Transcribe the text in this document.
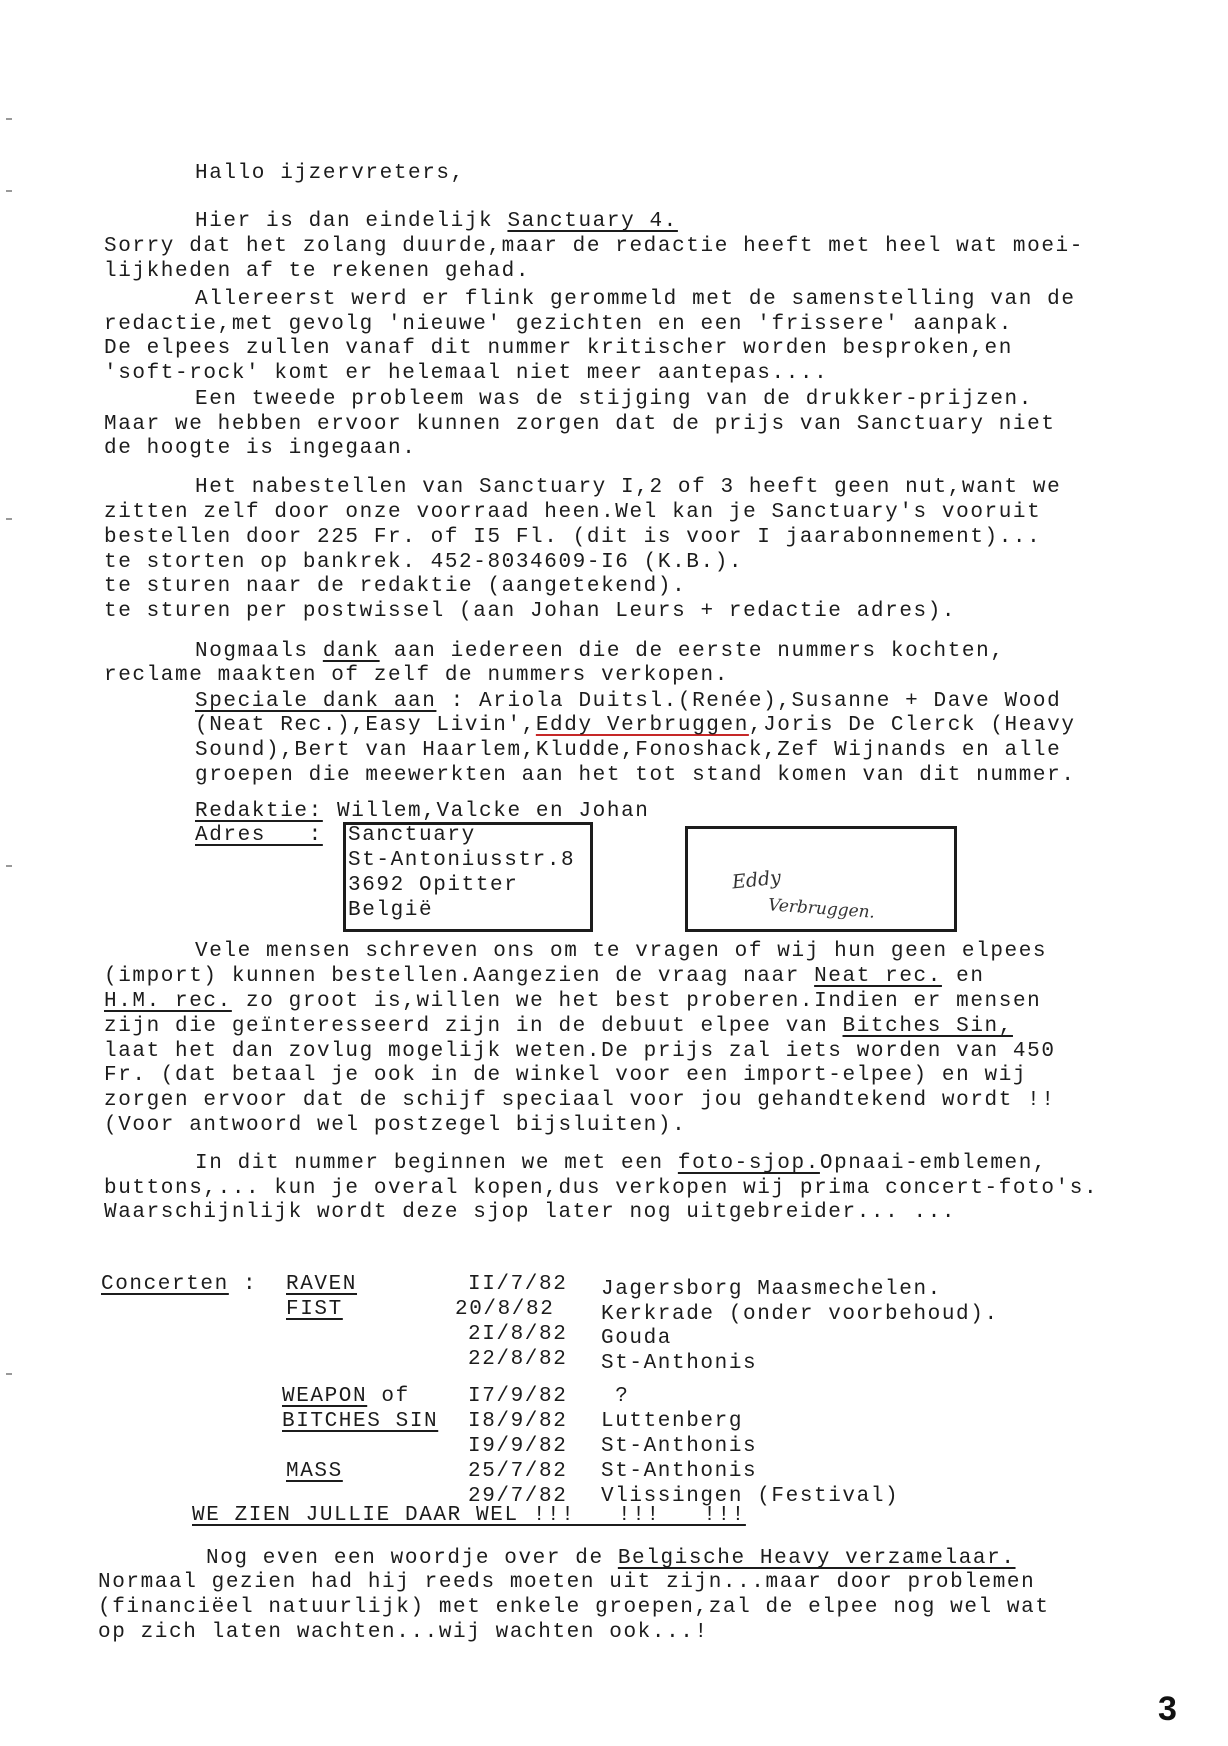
Hallo ijzervreters,
Hier is dan eindelijk Sanctuary 4.
Sorry dat het zolang duurde,maar de redactie heeft met heel wat moei-
lijkheden af te rekenen gehad.
Allereerst werd er flink gerommeld met de samenstelling van de
redactie,met gevolg 'nieuwe' gezichten en een 'frissere' aanpak.
De elpees zullen vanaf dit nummer kritischer worden besproken,en
'soft-rock' komt er helemaal niet meer aantepas....
Een tweede probleem was de stijging van de drukker-prijzen.
Maar we hebben ervoor kunnen zorgen dat de prijs van Sanctuary niet
de hoogte is ingegaan.
Het nabestellen van Sanctuary I,2 of 3 heeft geen nut,want we
zitten zelf door onze voorraad heen.Wel kan je Sanctuary's vooruit
bestellen door 225 Fr. of I5 Fl. (dit is voor I jaarabonnement)...
te storten op bankrek. 452-8034609-I6 (K.B.).
te sturen naar de redaktie (aangetekend).
te sturen per postwissel (aan Johan Leurs + redactie adres).
Nogmaals dank aan iedereen die de eerste nummers kochten,
reclame maakten of zelf de nummers verkopen.
Speciale dank aan : Ariola Duitsl.(Renée),Susanne + Dave Wood
(Neat Rec.),Easy Livin',Eddy Verbruggen,Joris De Clerck (Heavy
Sound),Bert van Haarlem,Kludde,Fonoshack,Zef Wijnands en alle
groepen die meewerkten aan het tot stand komen van dit nummer.
Redaktie: Willem,Valcke en Johan
Adres   : Sanctuary
St-Antoniusstr.8
3692 Opitter
België
Eddy
Verbruggen.
Vele mensen schreven ons om te vragen of wij hun geen elpees
(import) kunnen bestellen.Aangezien de vraag naar Neat rec. en
H.M. rec. zo groot is,willen we het best proberen.Indien er mensen
zijn die geïnteresseerd zijn in de debuut elpee van Bitches Sin,
laat het dan zovlug mogelijk weten.De prijs zal iets worden van 450
Fr. (dat betaal je ook in de winkel voor een import-elpee) en wij
zorgen ervoor dat de schijf speciaal voor jou gehandtekend wordt !!
(Voor antwoord wel postzegel bijsluiten).
In dit nummer beginnen we met een foto-sjop.Opnaai-emblemen,
buttons,... kun je overal kopen,dus verkopen wij prima concert-foto's.
Waarschijnlijk wordt deze sjop later nog uitgebreider... ...
Concerten : RAVEN
FIST
WEAPON of
BITCHES SIN
MASS
II/7/82
20/8/82
2I/8/82
22/8/82
I7/9/82
I8/9/82
I9/9/82
25/7/82
29/7/82
Jagersborg Maasmechelen.
Kerkrade (onder voorbehoud).
Gouda
St-Anthonis
?
Luttenberg
St-Anthonis
St-Anthonis
Vlissingen (Festival)
WE ZIEN JULLIE DAAR WEL !!!   !!!   !!!
Nog even een woordje over de Belgische Heavy verzamelaar.
Normaal gezien had hij reeds moeten uit zijn...maar door problemen
(financiëel natuurlijk) met enkele groepen,zal de elpee nog wel wat
op zich laten wachten...wij wachten ook...!
3
